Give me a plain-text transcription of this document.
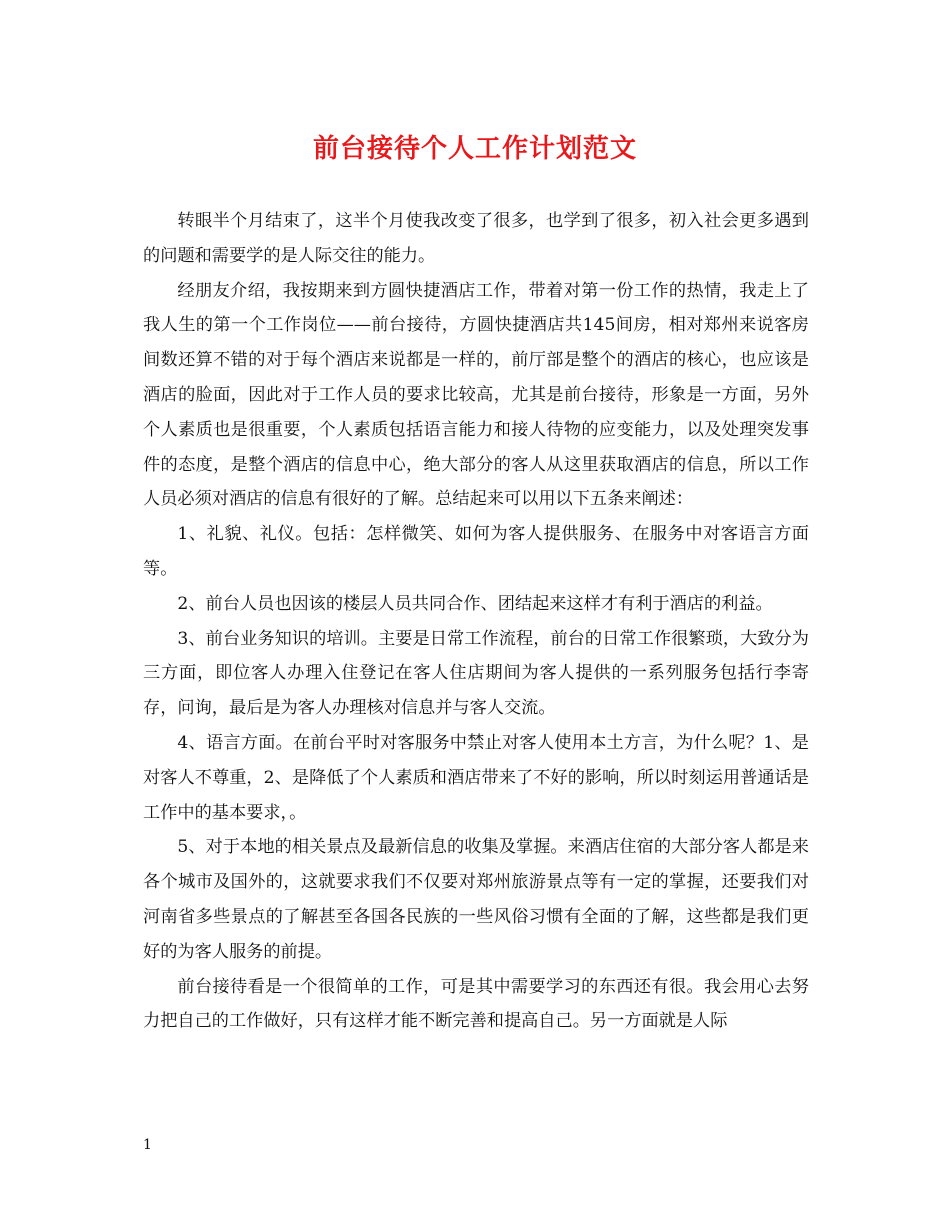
前台接待个人工作计划范文

转眼半个月结束了，这半个月使我改变了很多，也学到了很多，初入社会更多遇到的问题和需要学的是人际交往的能力。

经朋友介绍，我按期来到方圆快捷酒店工作，带着对第一份工作的热情，我走上了我人生的第一个工作岗位——前台接待，方圆快捷酒店共145间房，相对郑州来说客房间数还算不错的对于每个酒店来说都是一样的，前厅部是整个的酒店的核心，也应该是酒店的脸面，因此对于工作人员的要求比较高，尤其是前台接待，形象是一方面，另外个人素质也是很重要，个人素质包括语言能力和接人待物的应变能力，以及处理突发事件的态度，是整个酒店的信息中心，绝大部分的客人从这里获取酒店的信息，所以工作人员必须对酒店的信息有很好的了解。总结起来可以用以下五条来阐述：

1、礼貌、礼仪。包括：怎样微笑、如何为客人提供服务、在服务中对客语言方面等。

2、前台人员也因该的楼层人员共同合作、团结起来这样才有利于酒店的利益。

3、前台业务知识的培训。主要是日常工作流程，前台的日常工作很繁琐，大致分为三方面，即位客人办理入住登记在客人住店期间为客人提供的一系列服务包括行李寄存，问询，最后是为客人办理核对信息并与客人交流。

4、语言方面。在前台平时对客服务中禁止对客人使用本土方言，为什么呢？1、是对客人不尊重，2、是降低了个人素质和酒店带来了不好的影响，所以时刻运用普通话是工作中的基本要求，。

5、对于本地的相关景点及最新信息的收集及掌握。来酒店住宿的大部分客人都是来各个城市及国外的，这就要求我们不仅要对郑州旅游景点等有一定的掌握，还要我们对河南省多些景点的了解甚至各国各民族的一些风俗习惯有全面的了解，这些都是我们更好的为客人服务的前提。

前台接待看是一个很简单的工作，可是其中需要学习的东西还有很。我会用心去努力把自己的工作做好，只有这样才能不断完善和提高自己。另一方面就是人际

1
